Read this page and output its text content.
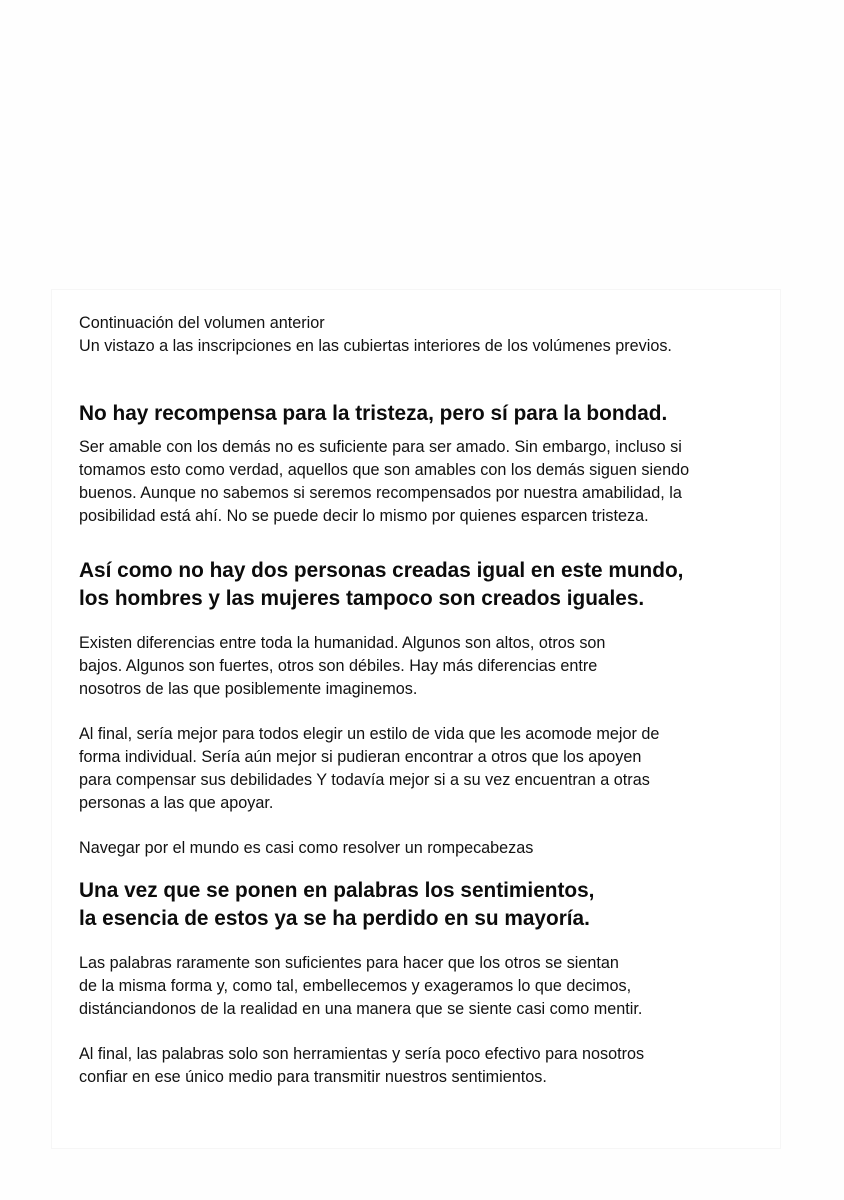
Continuación del volumen anterior

Un vistazo a las inscripciones en las cubiertas interiores de los volúmenes previos.

No hay recompensa para la tristeza, pero sí para la bondad.

Ser amable con los demás no es suficiente para ser amado. Sin embargo, incluso si

tomamos esto como verdad, aquellos que son amables con los demás siguen siendo

buenos. Aunque no sabemos si seremos recompensados por nuestra amabilidad, la

posibilidad está ahí. No se puede decir lo mismo por quienes esparcen tristeza.

Así como no hay dos personas creadas igual en este mundo,
los hombres y las mujeres tampoco son creados iguales.

Existen diferencias entre toda la humanidad. Algunos son altos, otros son

bajos. Algunos son fuertes, otros son débiles. Hay más diferencias entre

nosotros de las que posiblemente imaginemos.

Al final, sería mejor para todos elegir un estilo de vida que les acomode mejor de

forma individual. Sería aún mejor si pudieran encontrar a otros que los apoyen

para compensar sus debilidades Y todavía mejor si a su vez encuentran a otras

personas a las que apoyar.

Navegar por el mundo es casi como resolver un rompecabezas

Una vez que se ponen en palabras los sentimientos,
la esencia de estos ya se ha perdido en su mayoría.

Las palabras raramente son suficientes para hacer que los otros se sientan

de la misma forma y, como tal, embellecemos y exageramos lo que decimos,

distánciandonos de la realidad en una manera que se siente casi como mentir.

Al final, las palabras solo son herramientas y sería poco efectivo para nosotros

confiar en ese único medio para transmitir nuestros sentimientos.
